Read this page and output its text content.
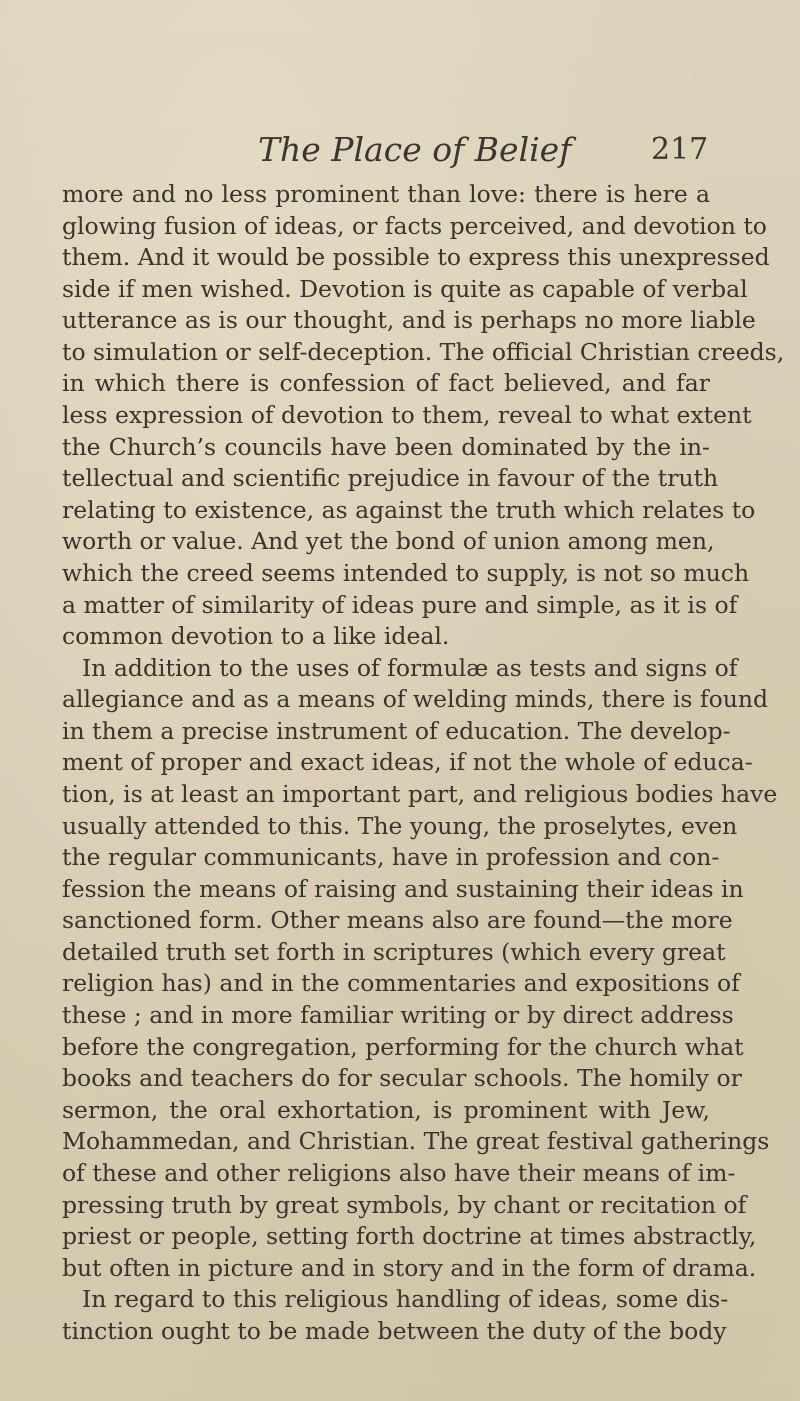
The Place of Belief	217
more and no less prominent than love: there is here a
glowing fusion of ideas, or facts perceived, and devotion to
them. And it would be possible to express this unexpressed
side if men wished. Devotion is quite as capable of verbal
utterance as is our thought, and is perhaps no more liable
to simulation or self-deception. The official Christian creeds,
in which there is confession of fact believed, and far
less expression of devotion to them, reveal to what extent
the Church’s councils have been dominated by the in-
tellectual and scientific prejudice in favour of the truth
relating to existence, as against the truth which relates to
worth or value. And yet the bond of union among men,
which the creed seems intended to supply, is not so much
a matter of similarity of ideas pure and simple, as it is of
common devotion to a like ideal.
In addition to the uses of formulæ as tests and signs of
allegiance and as a means of welding minds, there is found
in them a precise instrument of education. The develop-
ment of proper and exact ideas, if not the whole of educa-
tion, is at least an important part, and religious bodies have
usually attended to this. The young, the proselytes, even
the regular communicants, have in profession and con-
fession the means of raising and sustaining their ideas in
sanctioned form. Other means also are found—the more
detailed truth set forth in scriptures (which every great
religion has) and in the commentaries and expositions of
these ; and in more familiar writing or by direct address
before the congregation, performing for the church what
books and teachers do for secular schools. The homily or
sermon, the oral exhortation, is prominent with Jew,
Mohammedan, and Christian. The great festival gatherings
of these and other religions also have their means of im-
pressing truth by great symbols, by chant or recitation of
priest or people, setting forth doctrine at times abstractly,
but often in picture and in story and in the form of drama.
In regard to this religious handling of ideas, some dis-
tinction ought to be made between the duty of the body
